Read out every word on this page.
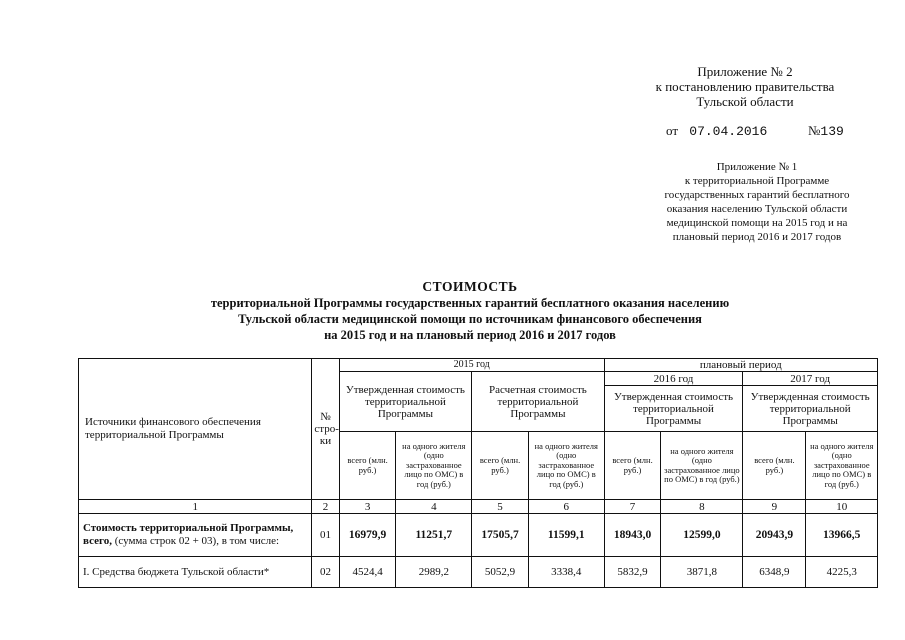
Приложение № 2
к постановлению правительства
Тульской области
от 07.04.2016	№139
Приложение № 1
к территориальной Программе
государственных гарантий бесплатного
оказания населению Тульской области
медицинской помощи на 2015 год и на
плановый период 2016 и 2017 годов
СТОИМОСТЬ
территориальной Программы государственных гарантий бесплатного оказания населению
Тульской области медицинской помощи по источникам финансового обеспечения
на 2015 год и на плановый период 2016 и 2017 годов
Источники финансового обеспечения территориальной Программы	№ стро-ки	2015 год				плановый период			
		Утвержденная стоимость территориальной Программы		Расчетная стоимость территориальной Программы		2016 год		2017 год	
						Утвержденная стоимость территориальной Программы		Утвержденная стоимость территориальной Программы	
		всего (млн. руб.)	на одного жителя (одно застрахованное лицо по ОМС) в год (руб.)	всего (млн. руб.)	на одного жителя (одно застрахованное лицо по ОМС) в год (руб.)	всего (млн. руб.)	на одного жителя (одно застрахованное лицо по ОМС) в год (руб.)	всего (млн. руб.)	на одного жителя (одно застрахованное лицо по ОМС) в год (руб.)
1	2	3	4	5	6	7	8	9	10
Стоимость территориальной Программы, всего, (сумма строк 02 + 03), в том числе:	01	16979,9	11251,7	17505,7	11599,1	18943,0	12599,0	20943,9	13966,5
I. Средства бюджета Тульской области*	02	4524,4	2989,2	5052,9	3338,4	5832,9	3871,8	6348,9	4225,3
